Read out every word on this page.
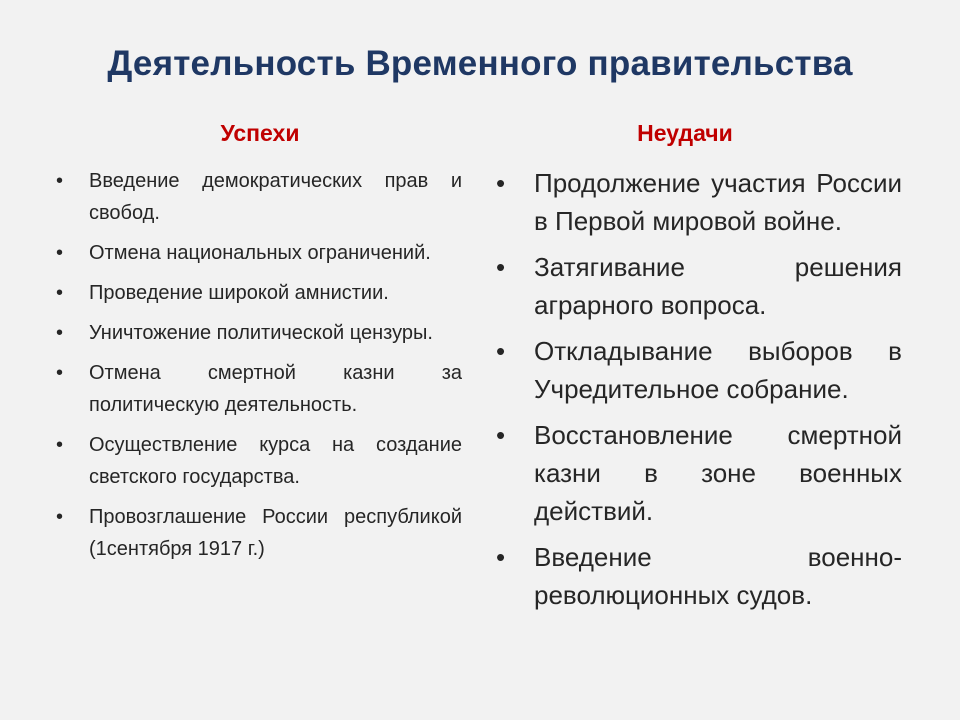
Деятельность Временного правительства
Успехи	Неудачи
• Введение демократических прав и свобод.
• Отмена национальных ограничений.
• Проведение широкой амнистии.
• Уничтожение политической цензуры.
• Отмена смертной казни за политическую деятельность.
• Осуществление курса на создание светского государства.
• Провозглашение России республикой (1сентября 1917 г.)
• Продолжение участия России в Первой мировой войне.
• Затягивание решения аграрного вопроса.
• Откладывание выборов в Учредительное собрание.
• Восстановление смертной казни в зоне военных действий.
• Введение военно-революционных судов.
